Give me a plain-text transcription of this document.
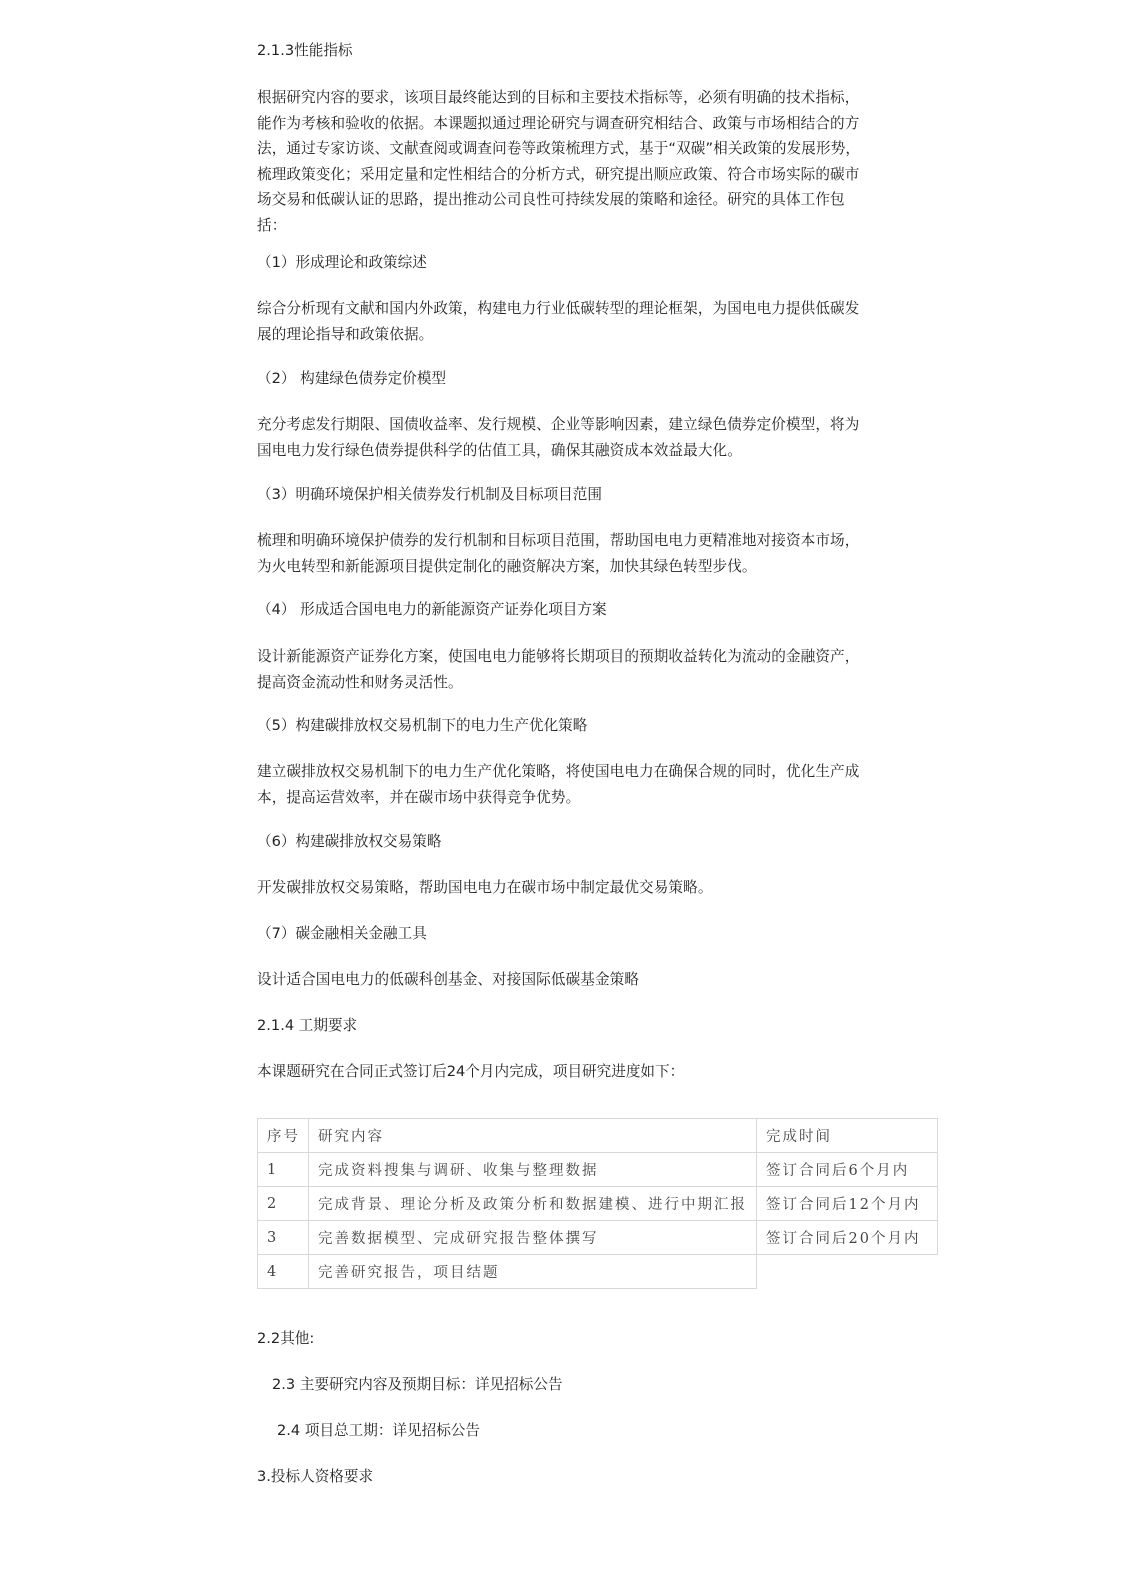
2.1.3性能指标

根据研究内容的要求，该项目最终能达到的目标和主要技术指标等，必须有明确的技术指标，能作为考核和验收的依据。本课题拟通过理论研究与调查研究相结合、政策与市场相结合的方法，通过专家访谈、文献查阅或调查问卷等政策梳理方式，基于“双碳”相关政策的发展形势，梳理政策变化；采用定量和定性相结合的分析方式，研究提出顺应政策、符合市场实际的碳市场交易和低碳认证的思路，提出推动公司良性可持续发展的策略和途径。研究的具体工作包括：

（1）形成理论和政策综述

综合分析现有文献和国内外政策，构建电力行业低碳转型的理论框架，为国电电力提供低碳发展的理论指导和政策依据。

（2） 构建绿色债券定价模型

充分考虑发行期限、国债收益率、发行规模、企业等影响因素，建立绿色债券定价模型，将为国电电力发行绿色债券提供科学的估值工具，确保其融资成本效益最大化。

（3）明确环境保护相关债券发行机制及目标项目范围

梳理和明确环境保护债券的发行机制和目标项目范围，帮助国电电力更精准地对接资本市场，为火电转型和新能源项目提供定制化的融资解决方案，加快其绿色转型步伐。

（4） 形成适合国电电力的新能源资产证券化项目方案

设计新能源资产证券化方案，使国电电力能够将长期项目的预期收益转化为流动的金融资产，提高资金流动性和财务灵活性。

（5）构建碳排放权交易机制下的电力生产优化策略

建立碳排放权交易机制下的电力生产优化策略，将使国电电力在确保合规的同时，优化生产成本，提高运营效率，并在碳市场中获得竞争优势。

（6）构建碳排放权交易策略

开发碳排放权交易策略，帮助国电电力在碳市场中制定最优交易策略。

（7）碳金融相关金融工具

设计适合国电电力的低碳科创基金、对接国际低碳基金策略

2.1.4 工期要求

本课题研究在合同正式签订后24个月内完成，项目研究进度如下：

序号	研究内容	完成时间
1	完成资料搜集与调研、收集与整理数据	签订合同后6个月内
2	完成背景、理论分析及政策分析和数据建模、进行中期汇报	签订合同后12个月内
3	完善数据模型、完成研究报告整体撰写	签订合同后20个月内
4	完善研究报告，项目结题	

2.2其他:

2.3 主要研究内容及预期目标：详见招标公告

2.4 项目总工期：详见招标公告

3.投标人资格要求
